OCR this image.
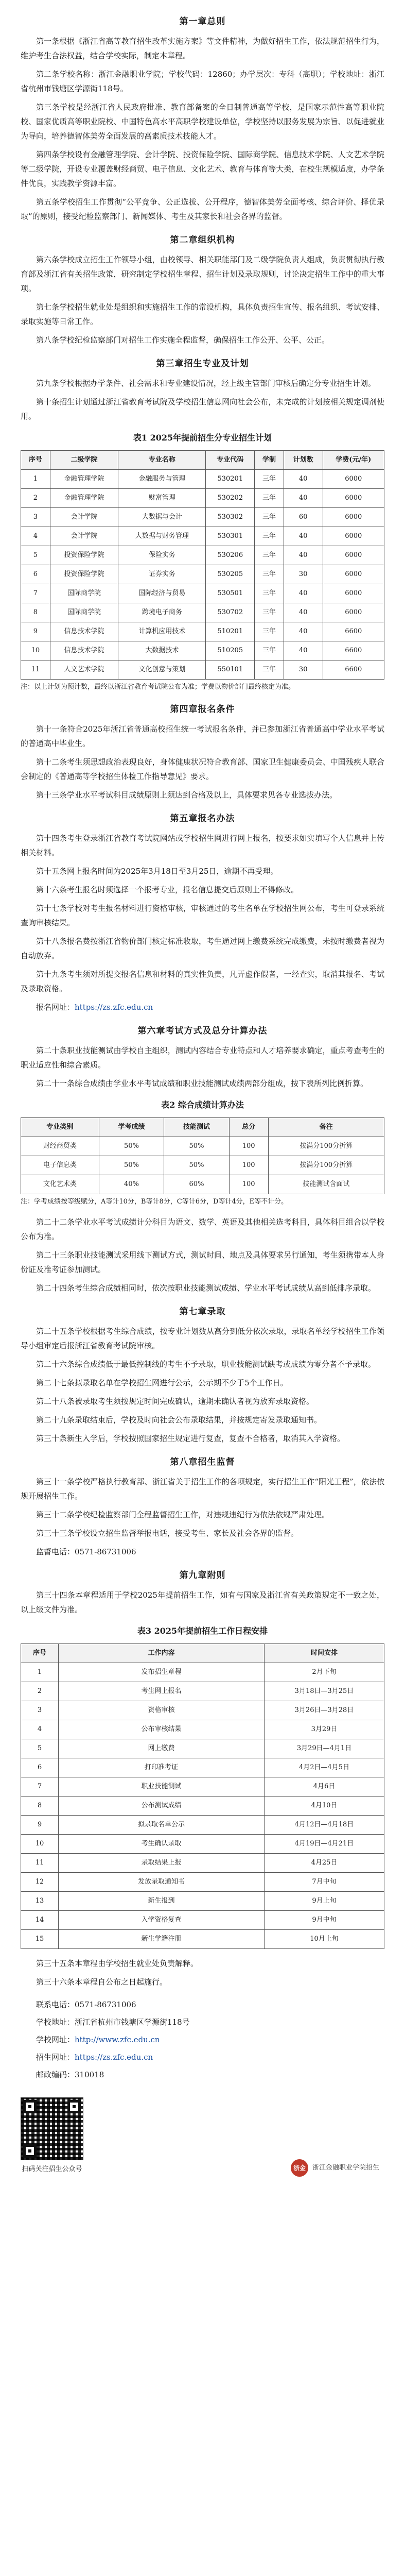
第一章总则

第一条根据《浙江省高等教育招生改革实施方案》等文件精神，为做好招生工作，依法规范招生行为，维护考生合法权益，结合学校实际，制定本章程。

第二条学校名称：浙江金融职业学院；学校代码：12860；办学层次：专科（高职）；学校地址：浙江省杭州市钱塘区学源街118号。

第三条学校是经浙江省人民政府批准、教育部备案的全日制普通高等学校，是国家示范性高等职业院校、国家优质高等职业院校、中国特色高水平高职学校建设单位，学校坚持以服务发展为宗旨、以促进就业为导向，培养德智体美劳全面发展的高素质技术技能人才。

第四条学校设有金融管理学院、会计学院、投资保险学院、国际商学院、信息技术学院、人文艺术学院等二级学院，开设专业覆盖财经商贸、电子信息、文化艺术、教育与体育等大类，在校生规模适度，办学条件优良，实践教学资源丰富。

第五条学校招生工作贯彻“公平竞争、公正选拔、公开程序，德智体美劳全面考核、综合评价、择优录取”的原则，接受纪检监察部门、新闻媒体、考生及其家长和社会各界的监督。

第二章组织机构

第六条学校成立招生工作领导小组，由校领导、相关职能部门及二级学院负责人组成，负责贯彻执行教育部及浙江省有关招生政策，研究制定学校招生章程、招生计划及录取规则，讨论决定招生工作中的重大事项。

第七条学校招生就业处是组织和实施招生工作的常设机构，具体负责招生宣传、报名组织、考试安排、录取实施等日常工作。

第八条学校纪检监察部门对招生工作实施全程监督，确保招生工作公开、公平、公正。

第三章招生专业及计划

第九条学校根据办学条件、社会需求和专业建设情况，经上级主管部门审核后确定分专业招生计划。

第十条招生计划通过浙江省教育考试院及学校招生信息网向社会公布，未完成的计划按相关规定调剂使用。

表1 2025年提前招生分专业招生计划
序号	二级学院	专业名称	专业代码	学制	计划数	学费(元/年)
1	金融管理学院	金融服务与管理	530201	三年	40	6000
2	金融管理学院	财富管理	530202	三年	40	6000
3	会计学院	大数据与会计	530302	三年	60	6000
4	会计学院	大数据与财务管理	530301	三年	40	6000
5	投资保险学院	保险实务	530206	三年	40	6000
6	投资保险学院	证券实务	530205	三年	30	6000
7	国际商学院	国际经济与贸易	530501	三年	40	6000
8	国际商学院	跨境电子商务	530702	三年	40	6000
9	信息技术学院	计算机应用技术	510201	三年	40	6600
10	信息技术学院	大数据技术	510205	三年	40	6600
11	人文艺术学院	文化创意与策划	550101	三年	30	6600
注：以上计划为预计数，最终以浙江省教育考试院公布为准；学费以物价部门最终核定为准。
第四章报名条件

第十一条符合2025年浙江省普通高校招生统一考试报名条件，并已参加浙江省普通高中学业水平考试的普通高中毕业生。

第十二条考生须思想政治表现良好，身体健康状况符合教育部、国家卫生健康委员会、中国残疾人联合会制定的《普通高等学校招生体检工作指导意见》要求。

第十三条学业水平考试科目成绩原则上须达到合格及以上，具体要求见各专业选拔办法。

第五章报名办法

第十四条考生登录浙江省教育考试院网站或学校招生网进行网上报名，按要求如实填写个人信息并上传相关材料。

第十五条网上报名时间为2025年3月18日至3月25日，逾期不再受理。

第十六条考生报名时须选择一个报考专业，报名信息提交后原则上不得修改。

第十七条学校对考生报名材料进行资格审核，审核通过的考生名单在学校招生网公布，考生可登录系统查询审核结果。

第十八条报名费按浙江省物价部门核定标准收取，考生通过网上缴费系统完成缴费，未按时缴费者视为自动放弃。

第十九条考生须对所提交报名信息和材料的真实性负责，凡弄虚作假者，一经查实，取消其报名、考试及录取资格。

报名网址：https://zs.zfc.edu.cn

第六章考试方式及总分计算办法

第二十条职业技能测试由学校自主组织，测试内容结合专业特点和人才培养要求确定，重点考查考生的职业适应性和综合素质。

第二十一条综合成绩由学业水平考试成绩和职业技能测试成绩两部分组成，按下表所列比例折算。

表2 综合成绩计算办法
专业类别	学考成绩	技能测试	总分	备注
财经商贸类	50%	50%	100	按满分100分折算
电子信息类	50%	50%	100	按满分100分折算
文化艺术类	40%	60%	100	技能测试含面试
注：学考成绩按等级赋分，A等计10分，B等计8分，C等计6分，D等计4分，E等不计分。

第二十二条学业水平考试成绩计分科目为语文、数学、英语及其他相关选考科目，具体科目组合以学校公布为准。

第二十三条职业技能测试采用线下测试方式，测试时间、地点及具体要求另行通知，考生须携带本人身份证及准考证参加测试。

第二十四条考生综合成绩相同时，依次按职业技能测试成绩、学业水平考试成绩从高到低排序录取。

第七章录取

第二十五条学校根据考生综合成绩，按专业计划数从高分到低分依次录取，录取名单经学校招生工作领导小组审定后报浙江省教育考试院审核。

第二十六条综合成绩低于最低控制线的考生不予录取，职业技能测试缺考或成绩为零分者不予录取。

第二十七条拟录取名单在学校招生网进行公示，公示期不少于5个工作日。

第二十八条被录取考生须按规定时间完成确认，逾期未确认者视为放弃录取资格。

第二十九条录取结束后，学校及时向社会公布录取结果，并按规定寄发录取通知书。

第三十条新生入学后，学校按照国家招生规定进行复查，复查不合格者，取消其入学资格。

第八章招生监督

第三十一条学校严格执行教育部、浙江省关于招生工作的各项规定，实行招生工作“阳光工程”，依法依规开展招生工作。

第三十二条学校纪检监察部门全程监督招生工作，对违规违纪行为依法依规严肃处理。

第三十三条学校设立招生监督举报电话，接受考生、家长及社会各界的监督。

监督电话：0571-86731006

第九章附则

第三十四条本章程适用于学校2025年提前招生工作，如有与国家及浙江省有关政策规定不一致之处，以上级文件为准。

表3 2025年提前招生工作日程安排
序号	工作内容	时间安排
1	发布招生章程	2月下旬
2	考生网上报名	3月18日—3月25日
3	资格审核	3月26日—3月28日
4	公布审核结果	3月29日
5	网上缴费	3月29日—4月1日
6	打印准考证	4月2日—4月5日
7	职业技能测试	4月6日
8	公布测试成绩	4月10日
9	拟录取名单公示	4月12日—4月18日
10	考生确认录取	4月19日—4月21日
11	录取结果上报	4月25日
12	发放录取通知书	7月中旬
13	新生报到	9月上旬
14	入学资格复查	9月中旬
15	新生学籍注册	10月上旬

第三十五条本章程由学校招生就业处负责解释。

第三十六条本章程自公布之日起施行。

联系电话：0571-86731006

学校地址：浙江省杭州市钱塘区学源街118号

学校网址：http://www.zfc.edu.cn

招生网址：https://zs.zfc.edu.cn

邮政编码：310018

扫码关注招生公众号	浙金	浙江金融职业学院招生
